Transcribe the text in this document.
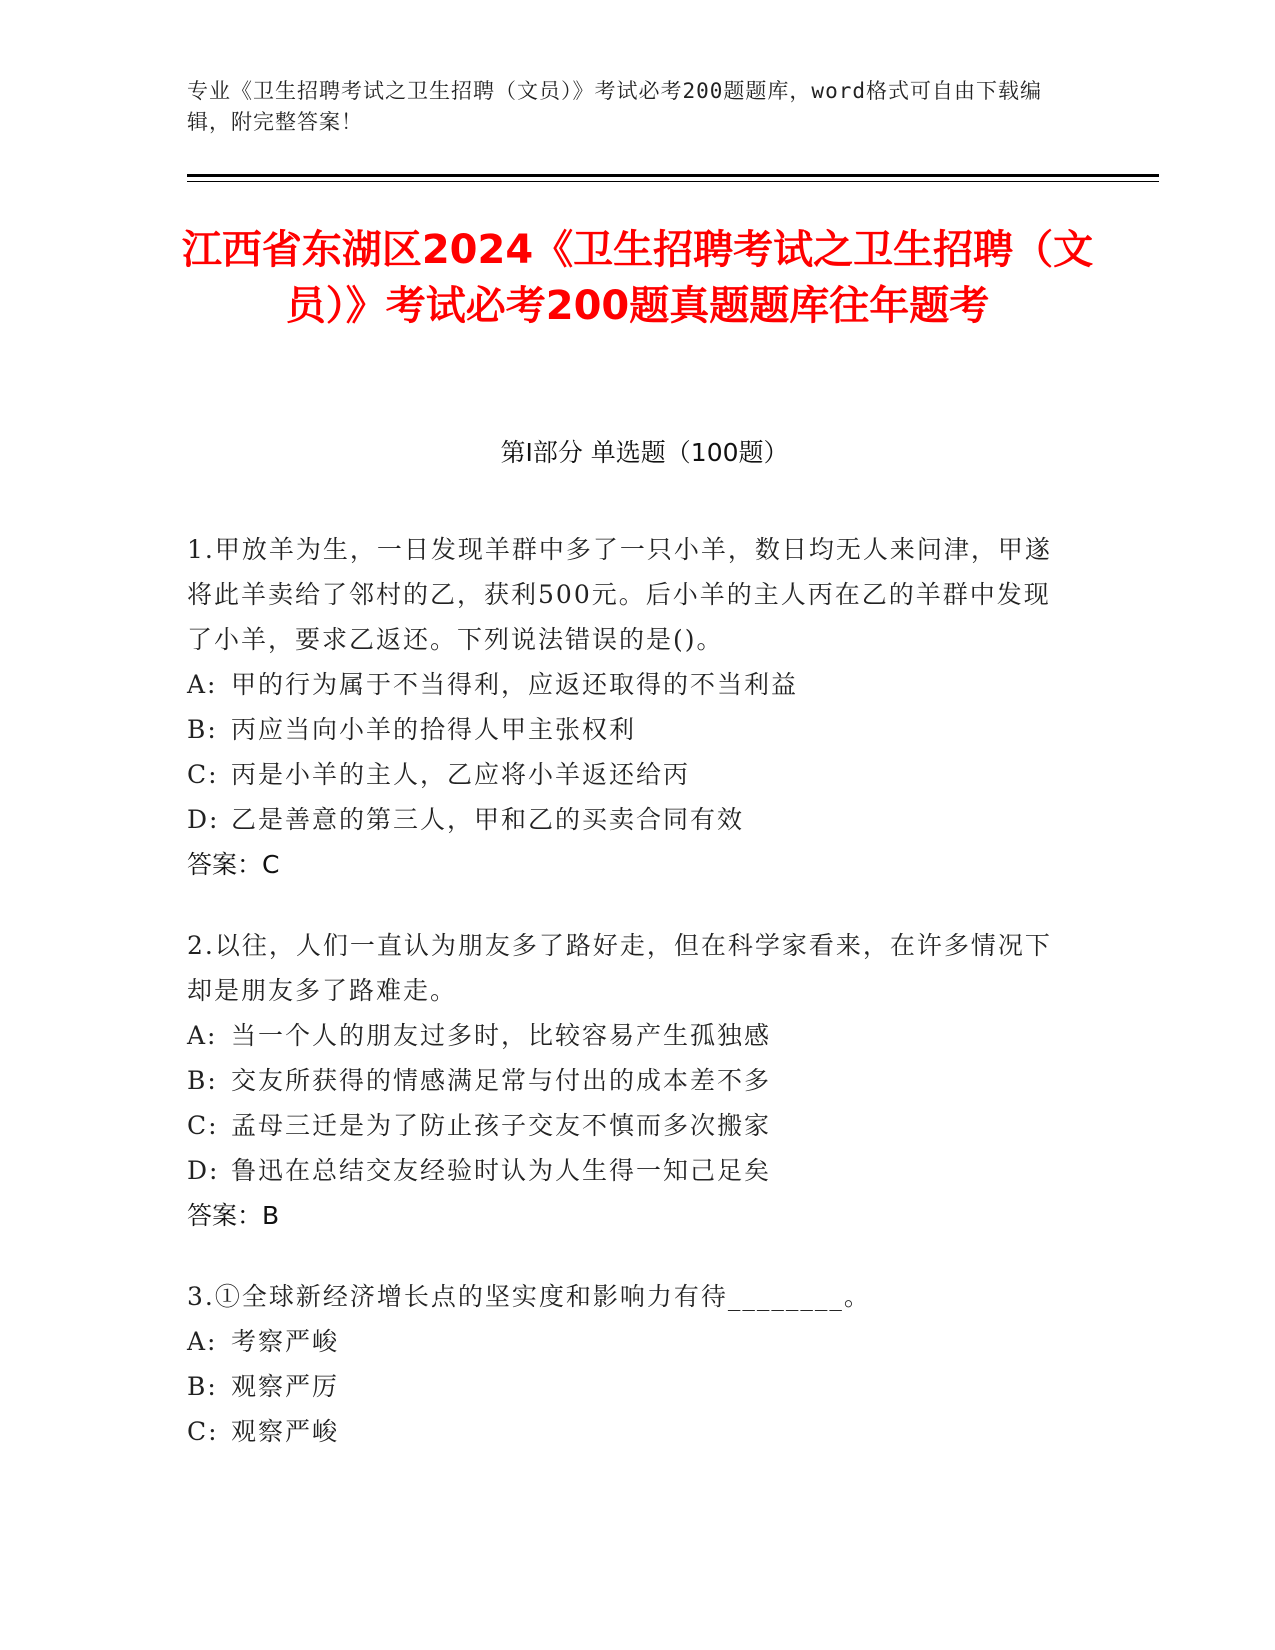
专业《卫生招聘考试之卫生招聘（文员）》考试必考200题题库，word格式可自由下载编辑，附完整答案！
江西省东湖区2024《卫生招聘考试之卫生招聘（文员）》考试必考200题真题题库往年题考
第Ⅰ部分 单选题（100题）
1.甲放羊为生，一日发现羊群中多了一只小羊，数日均无人来问津，甲遂将此羊卖给了邻村的乙，获利500元。后小羊的主人丙在乙的羊群中发现了小羊，要求乙返还。下列说法错误的是()。
A: 甲的行为属于不当得利，应返还取得的不当利益
B: 丙应当向小羊的拾得人甲主张权利
C: 丙是小羊的主人，乙应将小羊返还给丙
D: 乙是善意的第三人，甲和乙的买卖合同有效
答案：C
2.以往，人们一直认为朋友多了路好走，但在科学家看来，在许多情况下却是朋友多了路难走。
A: 当一个人的朋友过多时，比较容易产生孤独感
B: 交友所获得的情感满足常与付出的成本差不多
C: 孟母三迁是为了防止孩子交友不慎而多次搬家
D: 鲁迅在总结交友经验时认为人生得一知己足矣
答案：B
3.①全球新经济增长点的坚实度和影响力有待________。
A: 考察严峻
B: 观察严厉
C: 观察严峻
